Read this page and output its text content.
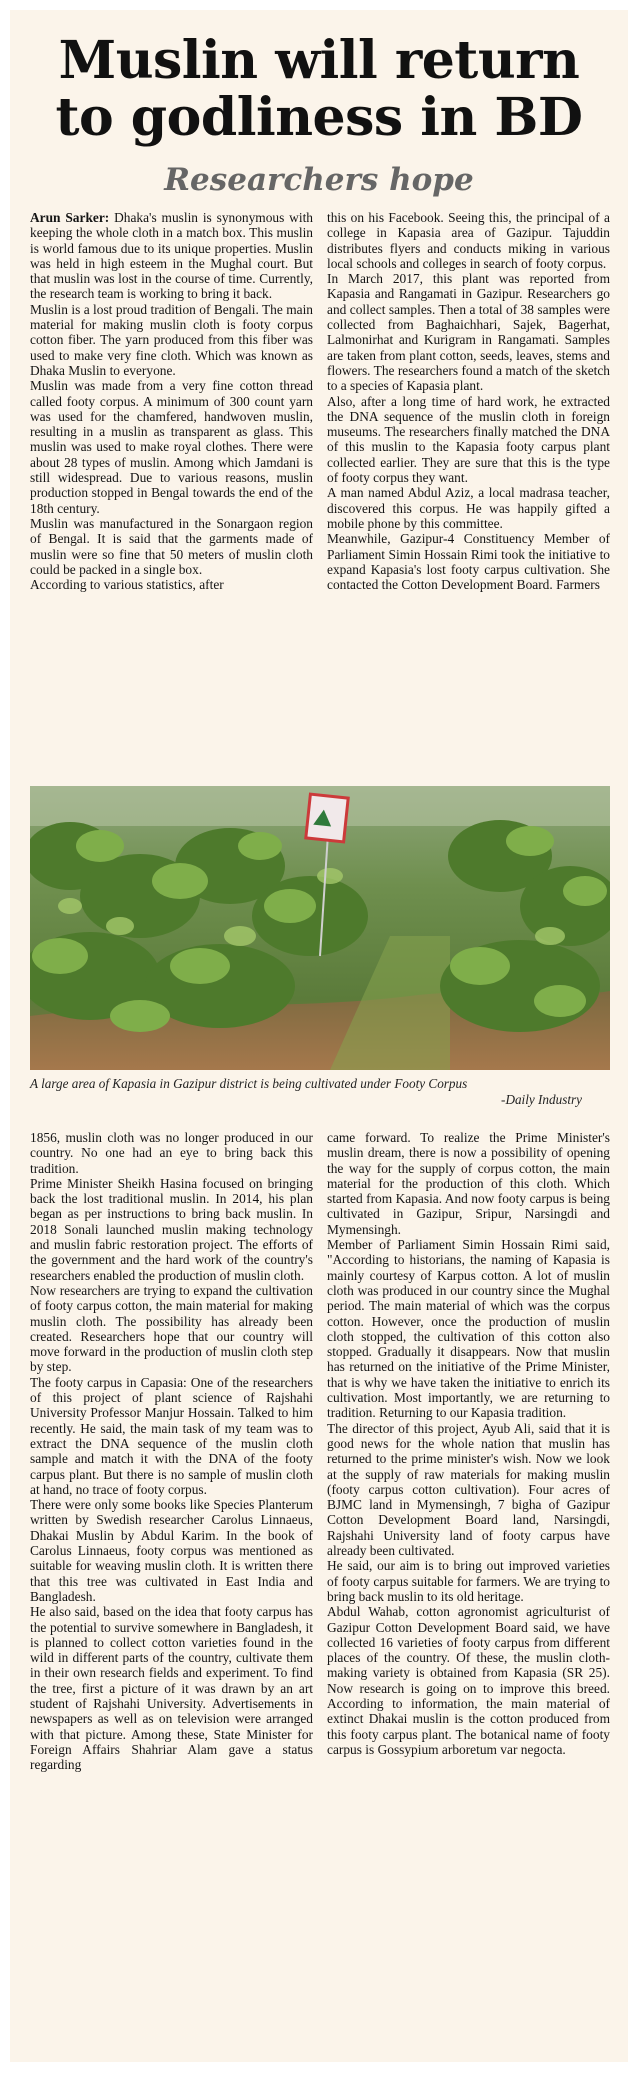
Muslin will return
to godliness in BD
Researchers hope

Arun Sarker: Dhaka's muslin is synonymous with keeping the whole cloth in a match box. This muslin is world famous due to its unique properties. Muslin was held in high esteem in the Mughal court. But that muslin was lost in the course of time. Currently, the research team is working to bring it back.

Muslin is a lost proud tradition of Bengali. The main material for making muslin cloth is footy corpus cotton fiber. The yarn produced from this fiber was used to make very fine cloth. Which was known as Dhaka Muslin to everyone.

Muslin was made from a very fine cotton thread called footy corpus. A minimum of 300 count yarn was used for the chamfered, handwoven muslin, resulting in a muslin as transparent as glass. This muslin was used to make royal clothes. There were about 28 types of muslin. Among which Jamdani is still widespread. Due to various reasons, muslin production stopped in Bengal towards the end of the 18th century.

Muslin was manufactured in the Sonargaon region of Bengal. It is said that the garments made of muslin were so fine that 50 meters of muslin cloth could be packed in a single box.

According to various statistics, after

this on his Facebook. Seeing this, the principal of a college in Kapasia area of Gazipur. Tajuddin distributes flyers and conducts miking in various local schools and colleges in search of footy corpus.

In March 2017, this plant was reported from Kapasia and Rangamati in Gazipur. Researchers go and collect samples. Then a total of 38 samples were collected from Baghaichhari, Sajek, Bagerhat, Lalmonirhat and Kurigram in Rangamati. Samples are taken from plant cotton, seeds, leaves, stems and flowers. The researchers found a match of the sketch to a species of Kapasia plant.

Also, after a long time of hard work, he extracted the DNA sequence of the muslin cloth in foreign museums. The researchers finally matched the DNA of this muslin to the Kapasia footy carpus plant collected earlier. They are sure that this is the type of footy corpus they want.

A man named Abdul Aziz, a local madrasa teacher, discovered this corpus. He was happily gifted a mobile phone by this committee.

Meanwhile, Gazipur-4 Constituency Member of Parliament Simin Hossain Rimi took the initiative to expand Kapasia's lost footy carpus cultivation. She contacted the Cotton Development Board. Farmers

A large area of Kapasia in Gazipur district is being cultivated under Footy Corpus
-Daily Industry

1856, muslin cloth was no longer produced in our country. No one had an eye to bring back this tradition.

Prime Minister Sheikh Hasina focused on bringing back the lost traditional muslin. In 2014, his plan began as per instructions to bring back muslin. In 2018 Sonali launched muslin making technology and muslin fabric restoration project. The efforts of the government and the hard work of the country's researchers enabled the production of muslin cloth.

Now researchers are trying to expand the cultivation of footy carpus cotton, the main material for making muslin cloth. The possibility has already been created. Researchers hope that our country will move forward in the production of muslin cloth step by step.

The footy carpus in Capasia: One of the researchers of this project of plant science of Rajshahi University Professor Manjur Hossain. Talked to him recently. He said, the main task of my team was to extract the DNA sequence of the muslin cloth sample and match it with the DNA of the footy carpus plant. But there is no sample of muslin cloth at hand, no trace of footy corpus.

There were only some books like Species Planterum written by Swedish researcher Carolus Linnaeus, Dhakai Muslin by Abdul Karim. In the book of Carolus Linnaeus, footy corpus was mentioned as suitable for weaving muslin cloth. It is written there that this tree was cultivated in East India and Bangladesh.

He also said, based on the idea that footy carpus has the potential to survive somewhere in Bangladesh, it is planned to collect cotton varieties found in the wild in different parts of the country, cultivate them in their own research fields and experiment. To find the tree, first a picture of it was drawn by an art student of Rajshahi University. Advertisements in newspapers as well as on television were arranged with that picture. Among these, State Minister for Foreign Affairs Shahriar Alam gave a status regarding

came forward. To realize the Prime Minister's muslin dream, there is now a possibility of opening the way for the supply of corpus cotton, the main material for the production of this cloth. Which started from Kapasia. And now footy carpus is being cultivated in Gazipur, Sripur, Narsingdi and Mymensingh.

Member of Parliament Simin Hossain Rimi said, "According to historians, the naming of Kapasia is mainly courtesy of Karpus cotton. A lot of muslin cloth was produced in our country since the Mughal period. The main material of which was the corpus cotton. However, once the production of muslin cloth stopped, the cultivation of this cotton also stopped. Gradually it disappears. Now that muslin has returned on the initiative of the Prime Minister, that is why we have taken the initiative to enrich its cultivation. Most importantly, we are returning to tradition. Returning to our Kapasia tradition.

The director of this project, Ayub Ali, said that it is good news for the whole nation that muslin has returned to the prime minister's wish. Now we look at the supply of raw materials for making muslin (footy carpus cotton cultivation). Four acres of BJMC land in Mymensingh, 7 bigha of Gazipur Cotton Development Board land, Narsingdi, Rajshahi University land of footy carpus have already been cultivated.

He said, our aim is to bring out improved varieties of footy carpus suitable for farmers. We are trying to bring back muslin to its old heritage.

Abdul Wahab, cotton agronomist agriculturist of Gazipur Cotton Development Board said, we have collected 16 varieties of footy carpus from different places of the country. Of these, the muslin cloth-making variety is obtained from Kapasia (SR 25). Now research is going on to improve this breed. According to information, the main material of extinct Dhakai muslin is the cotton produced from this footy carpus plant. The botanical name of footy carpus is Gossypium arboretum var negocta.
